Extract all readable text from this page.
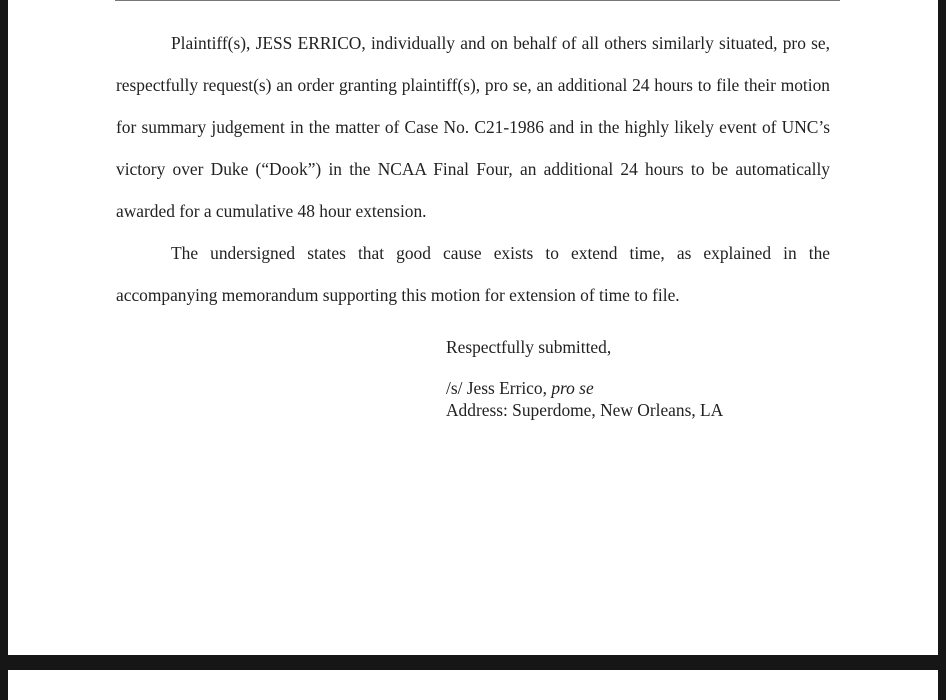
Plaintiff(s), JESS ERRICO, individually and on behalf of all others similarly situated, pro se, respectfully request(s) an order granting plaintiff(s), pro se, an additional 24 hours to file their motion for summary judgement in the matter of Case No. C21-1986 and in the highly likely event of UNC’s victory over Duke (“Dook”) in the NCAA Final Four, an additional 24 hours to be automatically awarded for a cumulative 48 hour extension.

The undersigned states that good cause exists to extend time, as explained in the accompanying memorandum supporting this motion for extension of time to file.

Respectfully submitted,

/s/ Jess Errico, pro se

Address: Superdome, New Orleans, LA
